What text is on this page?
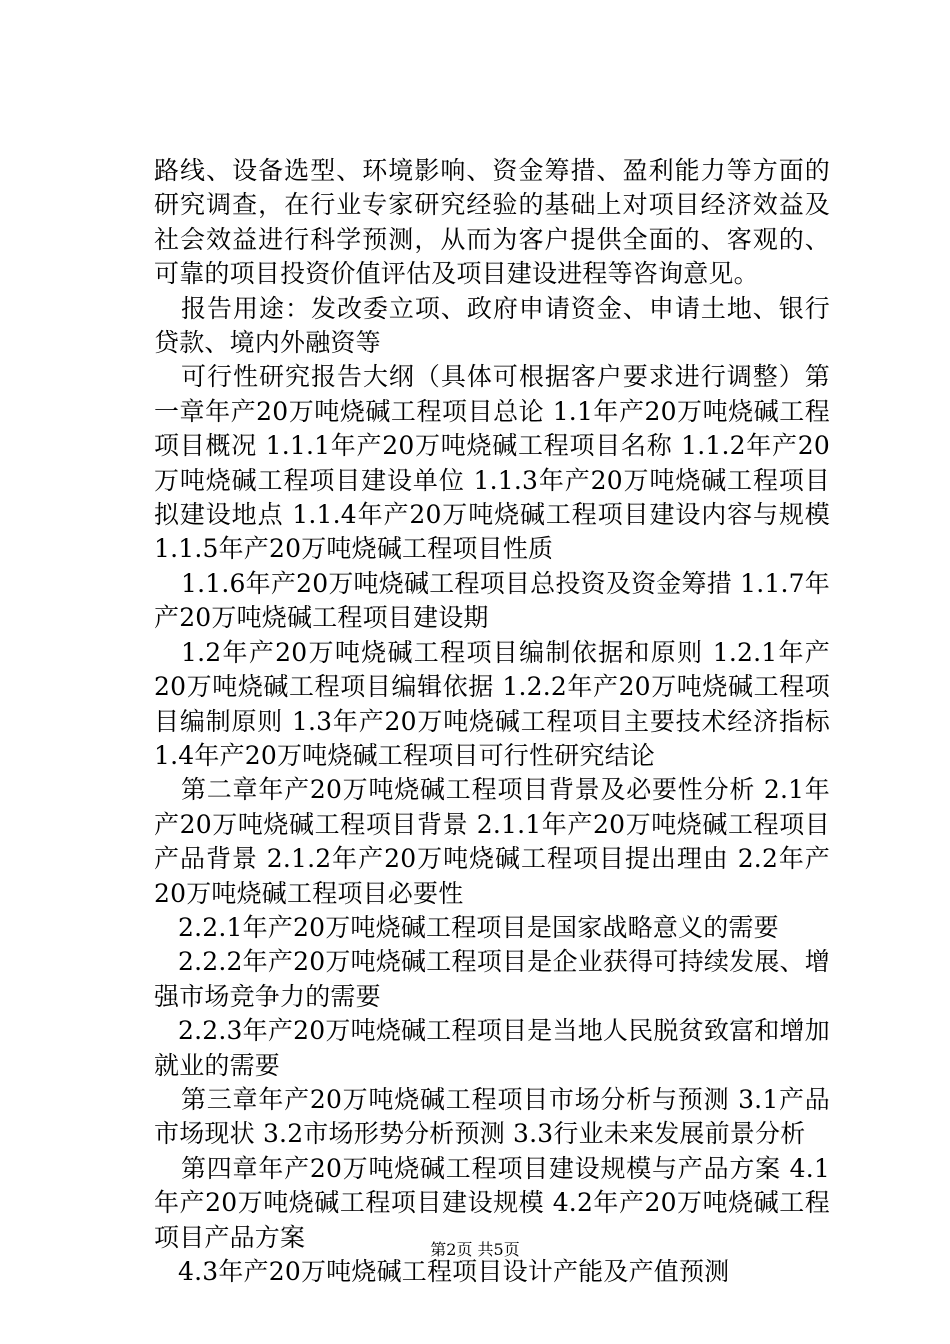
路线、设备选型、环境影响、资金筹措、盈利能力等方面的研究调查，在行业专家研究经验的基础上对项目经济效益及社会效益进行科学预测，从而为客户提供全面的、客观的、可靠的项目投资价值评估及项目建设进程等咨询意见。

报告用途：发改委立项、政府申请资金、申请土地、银行贷款、境内外融资等

可行性研究报告大纲（具体可根据客户要求进行调整）第一章年产20万吨烧碱工程项目总论 1.1年产20万吨烧碱工程项目概况 1.1.1年产20万吨烧碱工程项目名称 1.1.2年产20万吨烧碱工程项目建设单位 1.1.3年产20万吨烧碱工程项目拟建设地点 1.1.4年产20万吨烧碱工程项目建设内容与规模 1.1.5年产20万吨烧碱工程项目性质

1.1.6年产20万吨烧碱工程项目总投资及资金筹措 1.1.7年产20万吨烧碱工程项目建设期

1.2年产20万吨烧碱工程项目编制依据和原则 1.2.1年产20万吨烧碱工程项目编辑依据 1.2.2年产20万吨烧碱工程项目编制原则 1.3年产20万吨烧碱工程项目主要技术经济指标 1.4年产20万吨烧碱工程项目可行性研究结论

第二章年产20万吨烧碱工程项目背景及必要性分析 2.1年产20万吨烧碱工程项目背景 2.1.1年产20万吨烧碱工程项目产品背景 2.1.2年产20万吨烧碱工程项目提出理由 2.2年产20万吨烧碱工程项目必要性

2.2.1年产20万吨烧碱工程项目是国家战略意义的需要

2.2.2年产20万吨烧碱工程项目是企业获得可持续发展、增强市场竞争力的需要

2.2.3年产20万吨烧碱工程项目是当地人民脱贫致富和增加就业的需要

第三章年产20万吨烧碱工程项目市场分析与预测 3.1产品市场现状 3.2市场形势分析预测 3.3行业未来发展前景分析

第四章年产20万吨烧碱工程项目建设规模与产品方案 4.1年产20万吨烧碱工程项目建设规模 4.2年产20万吨烧碱工程项目产品方案

4.3年产20万吨烧碱工程项目设计产能及产值预测

第2页 共5页
